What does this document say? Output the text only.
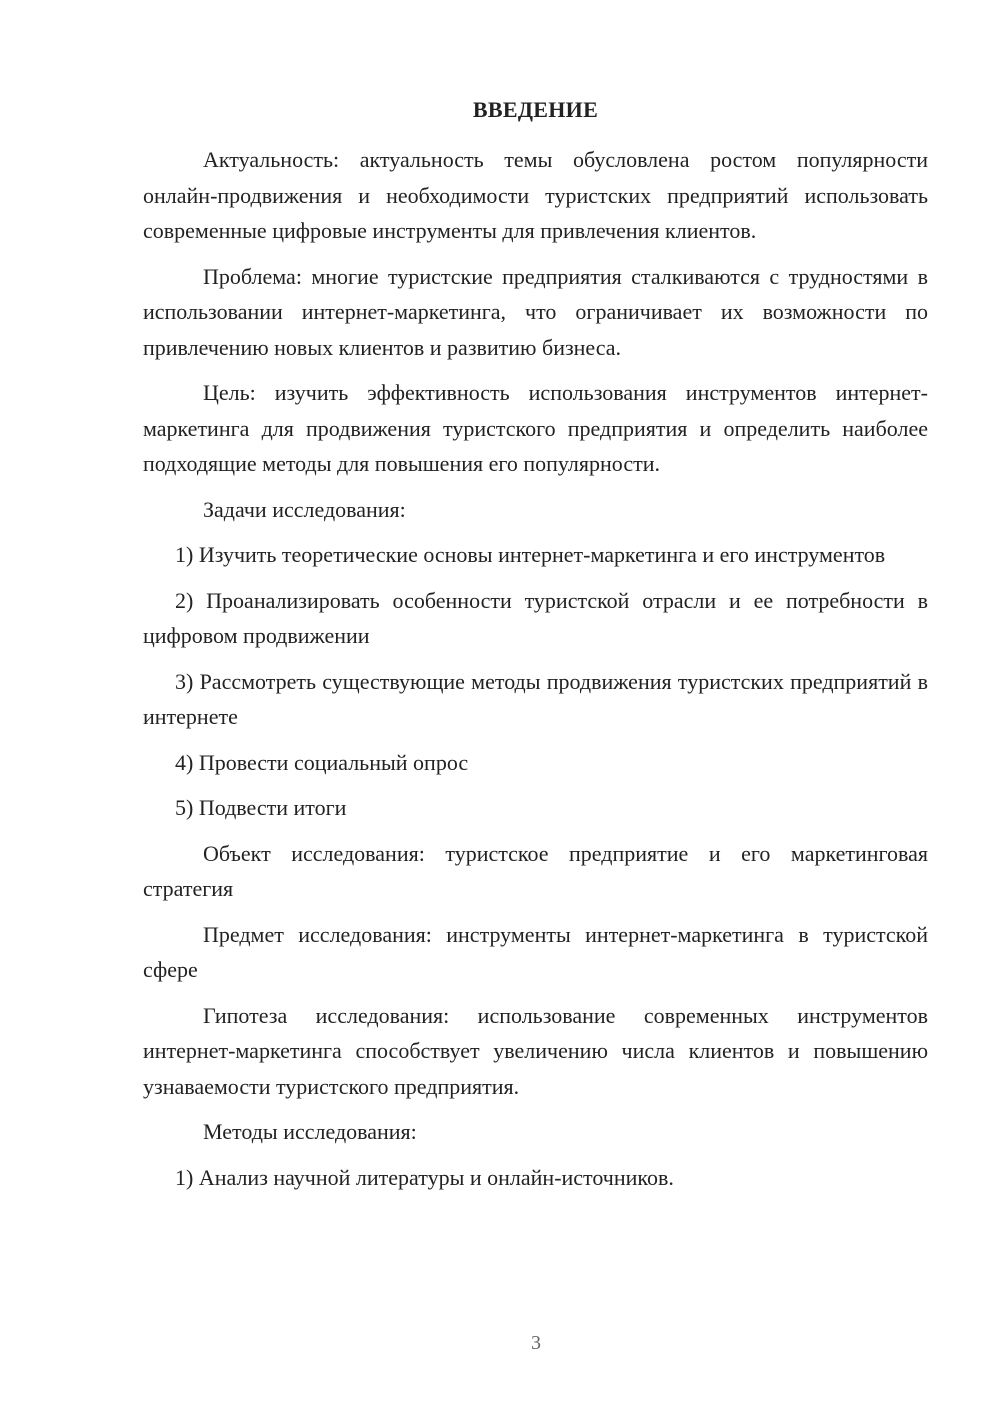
ВВЕДЕНИЕ

Актуальность: актуальность темы обусловлена ростом популярности онлайн-продвижения и необходимости туристских предприятий использовать современные цифровые инструменты для привлечения клиентов.

Проблема: многие туристские предприятия сталкиваются с трудностями в использовании интернет-маркетинга, что ограничивает их возможности по привлечению новых клиентов и развитию бизнеса.

Цель: изучить эффективность использования инструментов интернет-маркетинга для продвижения туристского предприятия и определить наиболее подходящие методы для повышения его популярности.

Задачи исследования:

1) Изучить теоретические основы интернет-маркетинга и его инструментов

2) Проанализировать особенности туристской отрасли и ее потребности в цифровом продвижении

3) Рассмотреть существующие методы продвижения туристских предприятий в интернете

4) Провести социальный опрос

5) Подвести итоги

Объект исследования: туристское предприятие и его маркетинговая стратегия

Предмет исследования: инструменты интернет-маркетинга в туристской сфере

Гипотеза исследования: использование современных инструментов интернет-маркетинга способствует увеличению числа клиентов и повышению узнаваемости туристского предприятия.

Методы исследования:

1) Анализ научной литературы и онлайн-источников.

3
